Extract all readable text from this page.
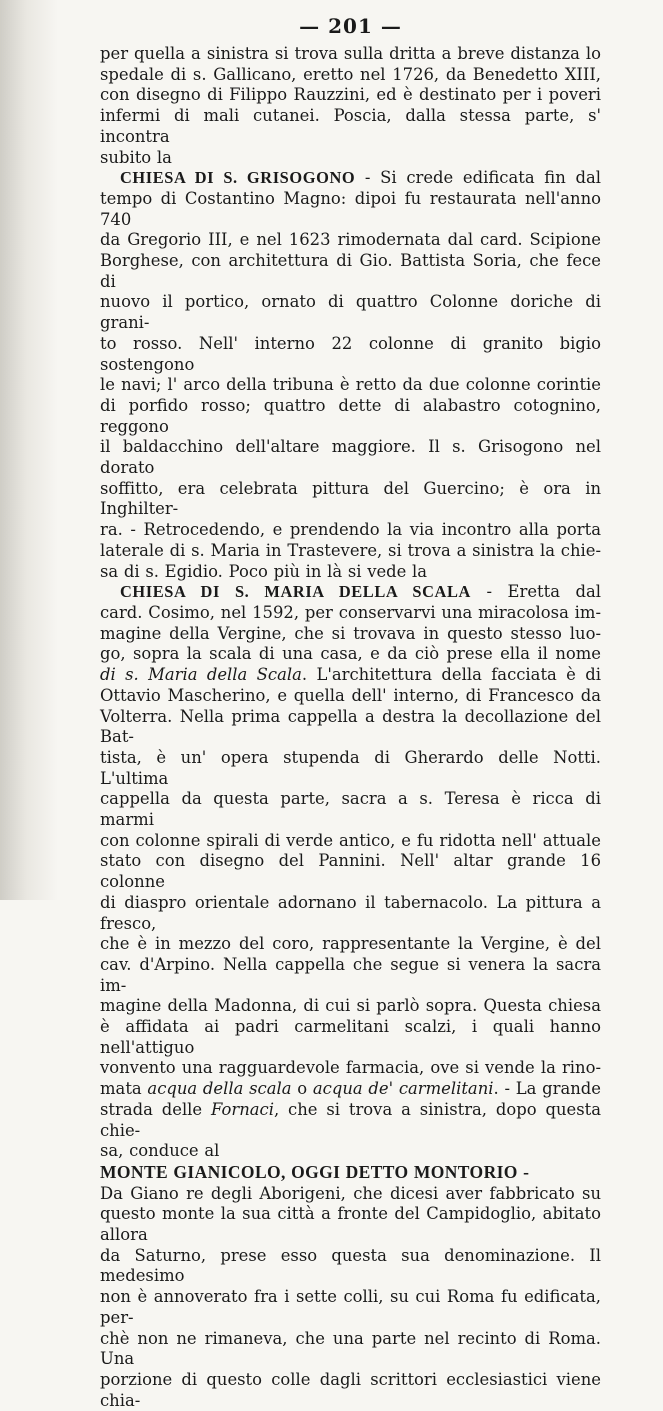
— 201 —
per quella a sinistra si trova sulla dritta a breve distanza lo
spedale di s. Gallicano, eretto nel 1726, da Benedetto XIII,
con disegno di Filippo Rauzzini, ed è destinato per i poveri
infermi di mali cutanei. Poscia, dalla stessa parte, s' incontra
subito la
CHIESA DI S. GRISOGONO - Si crede edificata fin dal
tempo di Costantino Magno: dipoi fu restaurata nell'anno 740
da Gregorio III, e nel 1623 rimodernata dal card. Scipione
Borghese, con architettura di Gio. Battista Soria, che fece di
nuovo il portico, ornato di quattro Colonne doriche di grani-
to rosso. Nell' interno 22 colonne di granito bigio sostengono
le navi; l' arco della tribuna è retto da due colonne corintie
di porfido rosso; quattro dette di alabastro cotognino, reggono
il baldacchino dell'altare maggiore. Il s. Grisogono nel dorato
soffitto, era celebrata pittura del Guercino; è ora in Inghilter-
ra. - Retrocedendo, e prendendo la via incontro alla porta
laterale di s. Maria in Trastevere, si trova a sinistra la chie-
sa di s. Egidio. Poco più in là si vede la
CHIESA DI S. MARIA DELLA SCALA - Eretta dal
card. Cosimo, nel 1592, per conservarvi una miracolosa im-
magine della Vergine, che si trovava in questo stesso luo-
go, sopra la scala di una casa, e da ciò prese ella il nome
di s. Maria della Scala. L'architettura della facciata è di
Ottavio Mascherino, e quella dell' interno, di Francesco da
Volterra. Nella prima cappella a destra la decollazione del Bat-
tista, è un' opera stupenda di Gherardo delle Notti. L'ultima
cappella da questa parte, sacra a s. Teresa è ricca di marmi
con colonne spirali di verde antico, e fu ridotta nell' attuale
stato con disegno del Pannini. Nell' altar grande 16 colonne
di diaspro orientale adornano il tabernacolo. La pittura a fresco,
che è in mezzo del coro, rappresentante la Vergine, è del
cav. d'Arpino. Nella cappella che segue si venera la sacra im-
magine della Madonna, di cui si parlò sopra. Questa chiesa
è affidata ai padri carmelitani scalzi, i quali hanno nell'attiguo
vonvento una ragguardevole farmacia, ove si vende la rino-
mata acqua della scala o acqua de' carmelitani. - La grande
strada delle Fornaci, che si trova a sinistra, dopo questa chie-
sa, conduce al
MONTE GIANICOLO, OGGI DETTO MONTORIO -
Da Giano re degli Aborigeni, che dicesi aver fabbricato su
questo monte la sua città a fronte del Campidoglio, abitato allora
da Saturno, prese esso questa sua denominazione. Il medesimo
non è annoverato fra i sette colli, su cui Roma fu edificata, per-
chè non ne rimaneva, che una parte nel recinto di Roma. Una
porzione di questo colle dagli scrittori ecclesiastici viene chia-
